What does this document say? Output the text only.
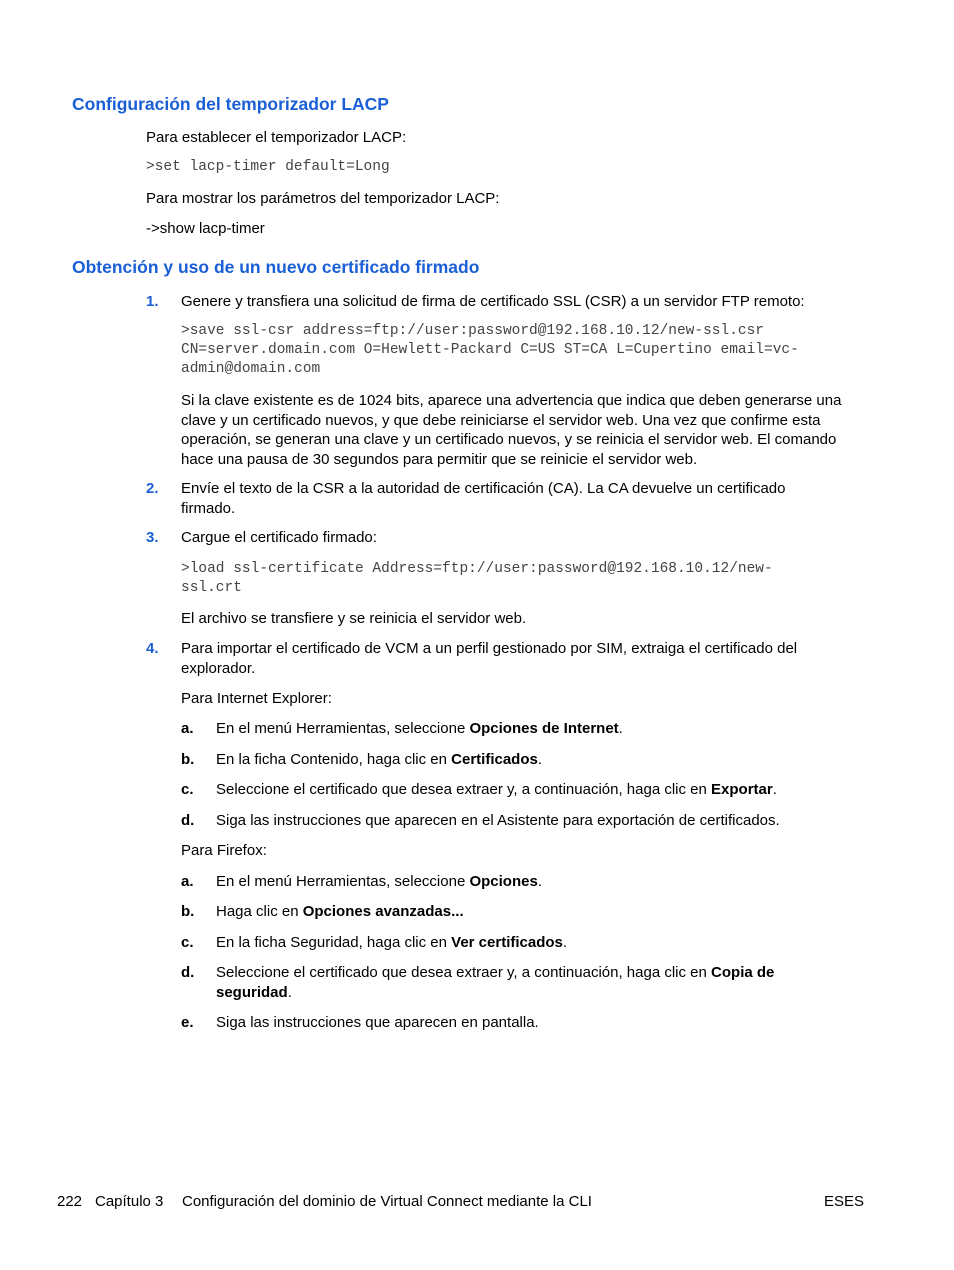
Configuración del temporizador LACP

Para establecer el temporizador LACP:

>set lacp-timer default=Long

Para mostrar los parámetros del temporizador LACP:

->show lacp-timer

Obtención y uso de un nuevo certificado firmado
1. Genere y transfiera una solicitud de firma de certificado SSL (CSR) a un servidor FTP remoto:

>save ssl-csr address=ftp://user:password@192.168.10.12/new-ssl.csr

CN=server.domain.com O=Hewlett-Packard C=US ST=CA L=Cupertino email=vc-

admin@domain.com

Si la clave existente es de 1024 bits, aparece una advertencia que indica que deben generarse una clave y un certificado nuevos, y que debe reiniciarse el servidor web. Una vez que confirme esta operación, se generan una clave y un certificado nuevos, y se reinicia el servidor web. El comando hace una pausa de 30 segundos para permitir que se reinicie el servidor web.

2. Envíe el texto de la CSR a la autoridad de certificación (CA). La CA devuelve un certificado firmado.

3. Cargue el certificado firmado:

>load ssl-certificate Address=ftp://user:password@192.168.10.12/new-

ssl.crt

El archivo se transfiere y se reinicia el servidor web.

4. Para importar el certificado de VCM a un perfil gestionado por SIM, extraiga el certificado del explorador.

Para Internet Explorer:

a. En el menú Herramientas, seleccione Opciones de Internet.

b. En la ficha Contenido, haga clic en Certificados.

c. Seleccione el certificado que desea extraer y, a continuación, haga clic en Exportar.

d. Siga las instrucciones que aparecen en el Asistente para exportación de certificados.

Para Firefox:

a. En el menú Herramientas, seleccione Opciones.

b. Haga clic en Opciones avanzadas...

c. En la ficha Seguridad, haga clic en Ver certificados.

d. Seleccione el certificado que desea extraer y, a continuación, haga clic en Copia de seguridad.

e. Siga las instrucciones que aparecen en pantalla.

222 Capítulo 3 Configuración del dominio de Virtual Connect mediante la CLI	ESES
